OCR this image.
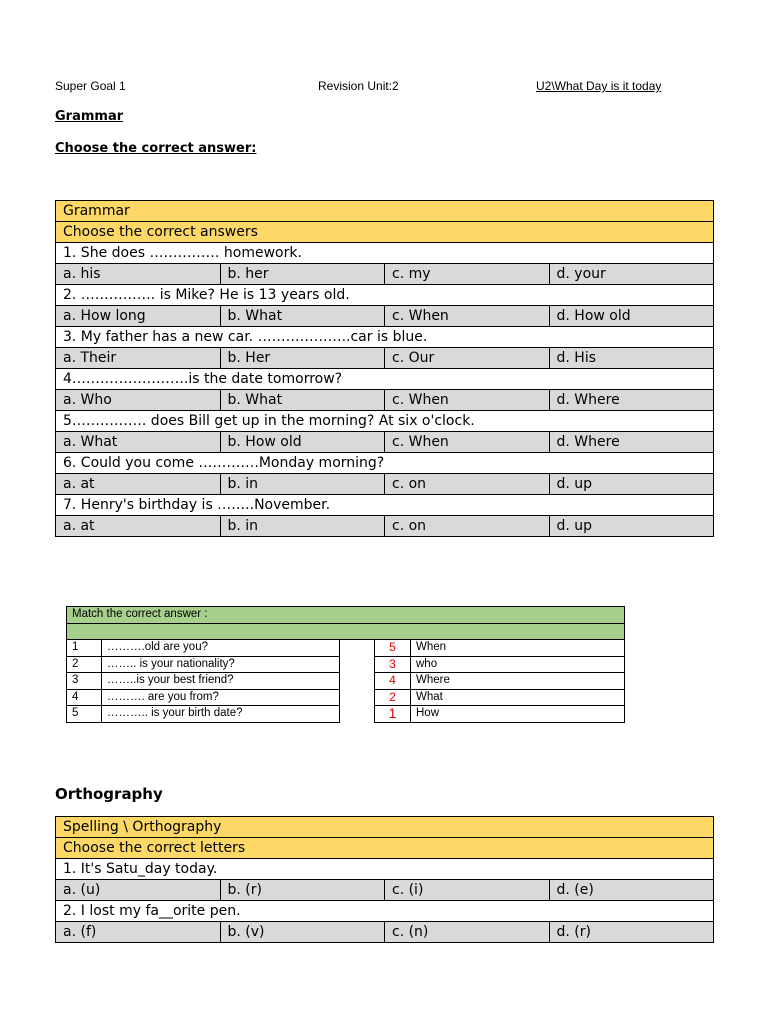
Super Goal 1	Revision Unit:2	U2\What Day is it today
Grammar
Choose the correct answer:
Grammar			
Choose the correct answers			
1. She does …………… homework.			
a. his	b. her	c. my	d. your
2. ……………. is Mike? He is 13 years old.			
a. How long	b. What	c. When	d. How old
3. My father has a new car. ………………..car is blue.			
a. Their	b. Her	c. Our	d. His
4…………………….is the date tomorrow?			
a. Who	b. What	c. When	d. Where
5……………. does Bill get up in the morning? At six o'clock.			
a. What	b. How old	c. When	d. Where
6. Could you come ………….Monday morning?			
a. at	b. in	c. on	d. up
7. Henry's birthday is ……..November.			
a. at	b. in	c. on	d. up
Match the correct answer :				

1	……….old are you?		5	When
2	…….. is your nationality?		3	who
3	……..is your best friend?		4	Where
4	………. are you from?		2	What
5	……….. is your birth date?		1	How
Orthography
Spelling \ Orthography			
Choose the correct letters			
1. It's Satu_day today.			
a. (u)	b. (r)	c. (i)	d. (e)
2. I lost my fa__orite pen.			
a. (f)	b. (v)	c. (n)	d. (r)
